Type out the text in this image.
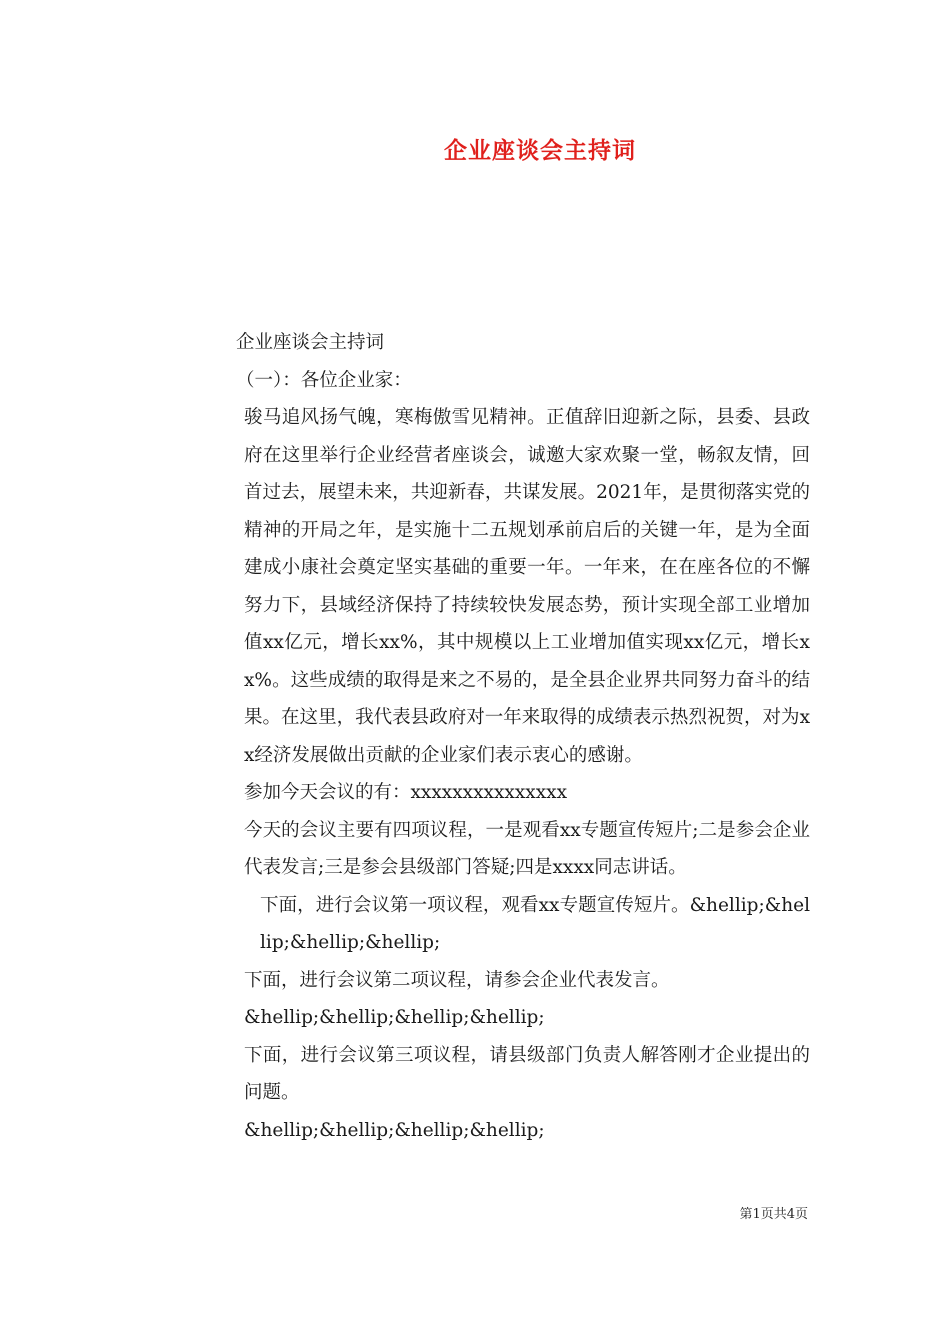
企业座谈会主持词

企业座谈会主持词

（一）：各位企业家：

骏马追风扬气魄，寒梅傲雪见精神。正值辞旧迎新之际，县委、县政府在这里举行企业经营者座谈会，诚邀大家欢聚一堂，畅叙友情，回首过去，展望未来，共迎新春，共谋发展。2021年，是贯彻落实党的精神的开局之年，是实施十二五规划承前启后的关键一年，是为全面建成小康社会奠定坚实基础的重要一年。一年来，在在座各位的不懈努力下，县域经济保持了持续较快发展态势，预计实现全部工业增加值xx亿元，增长xx%，其中规模以上工业增加值实现xx亿元，增长xx%。这些成绩的取得是来之不易的，是全县企业界共同努力奋斗的结果。在这里，我代表县政府对一年来取得的成绩表示热烈祝贺，对为xx经济发展做出贡献的企业家们表示衷心的感谢。

参加今天会议的有：xxxxxxxxxxxxxxx

今天的会议主要有四项议程，一是观看xx专题宣传短片;二是参会企业代表发言;三是参会县级部门答疑;四是xxxx同志讲话。

下面，进行会议第一项议程，观看xx专题宣传短片。&hellip;&hellip;&hellip;&hellip;

下面，进行会议第二项议程，请参会企业代表发言。

&hellip;&hellip;&hellip;&hellip;

下面，进行会议第三项议程，请县级部门负责人解答刚才企业提出的问题。

&hellip;&hellip;&hellip;&hellip;

第1页共4页
